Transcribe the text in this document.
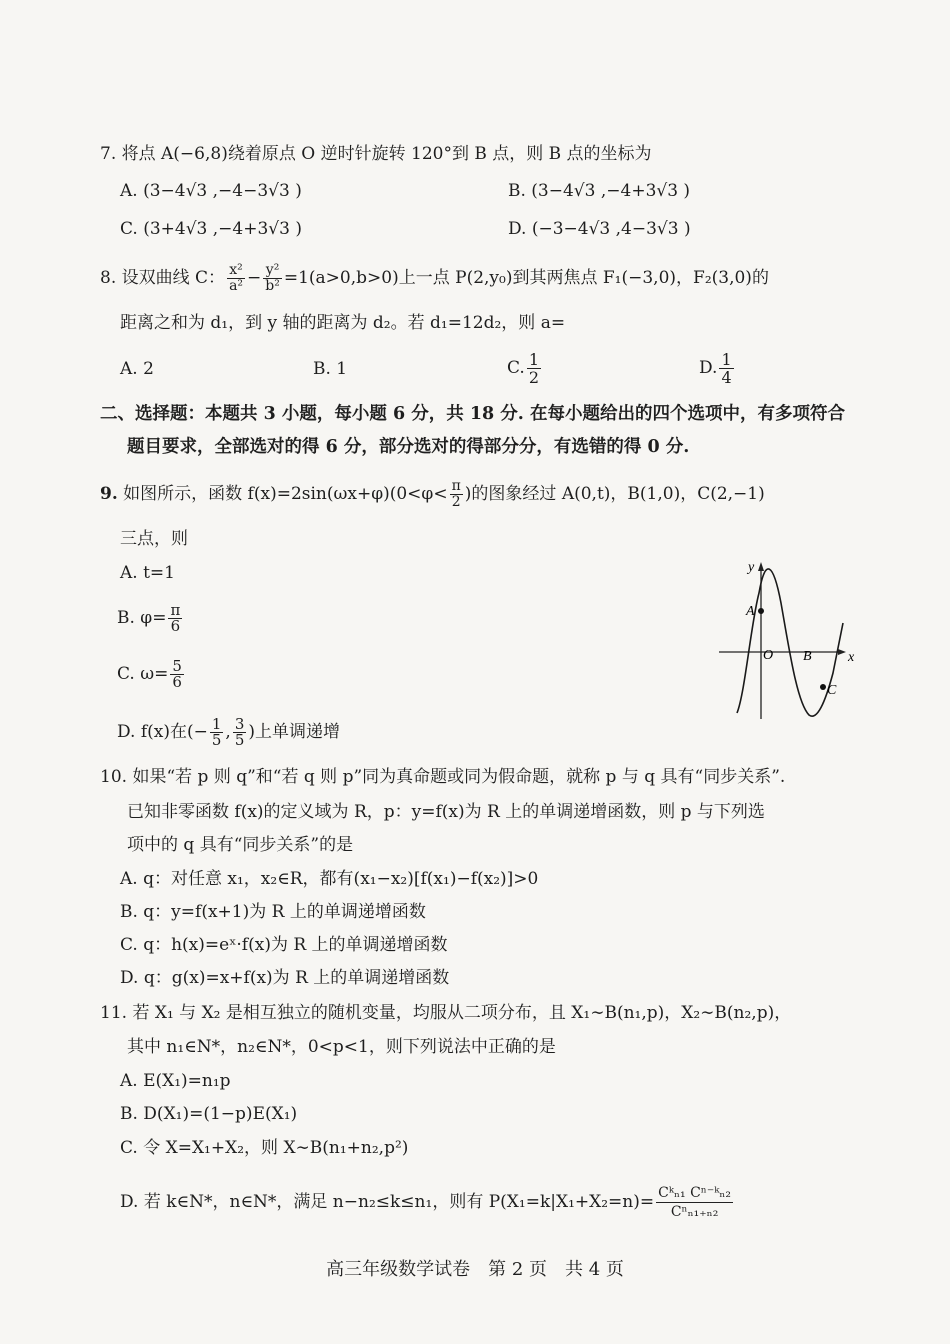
7. 将点 A(−6,8)绕着原点 O 逆时针旋转 120°到 B 点，则 B 点的坐标为
A. (3−4√3 ,−4−3√3 )	B. (3−4√3 ,−4+3√3 )
C. (3+4√3 ,−4+3√3 )	D. (−3−4√3 ,4−3√3 )
8. 设双曲线 C： $\frac{\text{x²}}{\text{a²}} - \frac{\text{y²}}{\text{b²}} =1(a>0,b>0)$上一点 P(2,y₀)到其两焦点 F₁(−3,0)，F₂(3,0)的
距离之和为 d₁，到 y 轴的距离为 d₂。若 d₁=12d₂，则 a=
A. 2	B. 1	C. $\frac{1}{2}$	D. $\frac{1}{4}$
二、选择题：本题共 3 小题，每小题 6 分，共 18 分. 在每小题给出的四个选项中，有多项符合
题目要求，全部选对的得 6 分，部分选对的得部分分，有选错的得 0 分.
9. 如图所示，函数 $f(x)=2\sin(\omega x+\varphi)(0<\varphi< \frac{\pi}{2}$ )的图象经过 A(0,t)，B(1,0)，C(2,−1)
三点，则
A. t=1
B. $\varphi= \frac{\pi}{6}$
C. $\omega= \frac{5}{6}$
D. f(x)在(− $\frac{1}{5}$ , $\frac{3}{5}$ )上单调递增
y
x
O
A
B
C
10. 如果“若 p 则 q”和“若 q 则 p”同为真命题或同为假命题，就称 p 与 q 具有“同步关系”.
已知非零函数 f(x)的定义域为 R，p：y=f(x)为 R 上的单调递增函数，则 p 与下列选
项中的 q 具有“同步关系”的是
A. q：对任意 x₁，x₂∈R，都有(x₁−x₂)[f(x₁)−f(x₂)]>0
B. q：y=f(x+1)为 R 上的单调递增函数
C. q：h(x)=eˣ·f(x)为 R 上的单调递增函数
D. q：g(x)=x+f(x)为 R 上的单调递增函数
11. 若 X₁ 与 X₂ 是相互独立的随机变量，均服从二项分布，且 X₁∼B(n₁,p)，X₂∼B(n₂,p)，
其中 n₁∈N*，n₂∈N*，0<p<1，则下列说法中正确的是
A. E(X₁)=n₁p
B. D(X₁)=(1−p)E(X₁)
C. 令 X=X₁+X₂，则 X∼B(n₁+n₂,p²)
D. 若 k∈N*，n∈N*，满足 n−n₂≤k≤n₁，则有 $P(X_1=k|X_1+X_2=n)= \frac{\text{Cᵏₙ₁ Cⁿ⁻ᵏₙ₂}}{\text{Cⁿₙ₁₊ₙ₂}}$
高三年级数学试卷　第 2 页　共 4 页
